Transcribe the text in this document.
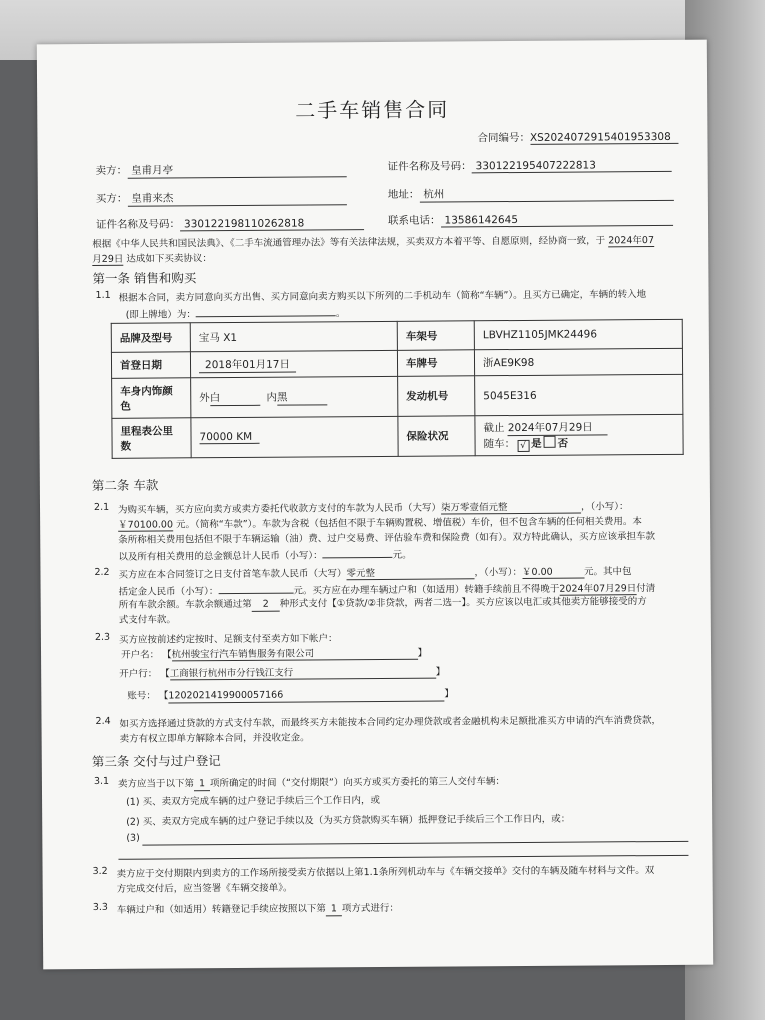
二手车销售合同
合同编号：XS2024072915401953308
卖方： 皇甫月亭	证件名称及号码： 330122195407222813
买方： 皇甫来杰	地址： 杭州
证件名称及号码： 330122198110262818	联系电话： 13586142645
根据《中华人民共和国民法典》、《二手车流通管理办法》等有关法律法规，买卖双方本着平等、自愿原则，经协商一致，于 2024年07
月29日 达成如下买卖协议：
第一条 销售和购买
1.1 根据本合同，卖方同意向买方出售、买方同意向卖方购买以下所列的二手机动车（简称“车辆”）。且买方已确定，车辆的转入地
(即上牌地）为：	。
品牌及型号	宝马 X1	车架号	LBVHZ1105JMK24496
首登日期	2018年01月17日	车牌号	浙AE9K98
车身内饰颜色	外白 内黑	发动机号	5045E316
里程表公里数	70000 KM	保险状况	截止 2024年07月29日
随车： √ 是 否
第二条 车款
2.1 为购买车辆，买方应向卖方或卖方委托代收款方支付的车款为人民币（大写）柒万零壹佰元整	，（小写）：
￥70100.00 元。（简称“车款”）。车款为含税（包括但不限于车辆购置税、增值税）车价，但不包含车辆的任何相关费用。本
条所称相关费用包括但不限于车辆运输（油）费、过户交易费、评估验车费和保险费（如有）。双方特此确认，买方应该承担车款
以及所有相关费用的总金额总计人民币（小写）：	元。
2.2 买方应在本合同签订之日支付首笔车款人民币（大写）零元整	，（小写）：￥0.00	元。其中包
括定金人民币（小写）：	元。买方应在办理车辆过户和（如适用）转籍手续前且不得晚于2024年07月29日付清
所有车款余额。车款余额通过第 2 种形式支付【①贷款/②非贷款，两者二选一】。买方应该以电汇或其他卖方能够接受的方
式支付车款。
2.3 买方应按前述约定按时、足额支付至卖方如下帐户：
开户名： 【杭州骏宝行汽车销售服务有限公司	】
开户行： 【工商银行杭州市分行钱江支行	】
账号： 【1202021419900057166	】
2.4 如买方选择通过贷款的方式支付车款，而最终买方未能按本合同约定办理贷款或者金融机构未足额批准买方申请的汽车消费贷款，
卖方有权立即单方解除本合同，并没收定金。
第三条 交付与过户登记
3.1 卖方应当于以下第 1 项所确定的时间（“交付期限”）向买方或买方委托的第三人交付车辆：
(1) 买、卖双方完成车辆的过户登记手续后三个工作日内，或
(2) 买、卖双方完成车辆的过户登记手续以及（为买方贷款购买车辆）抵押登记手续后三个工作日内，或：
(3)
3.2 卖方应于交付期限内到卖方的工作场所接受卖方依据以上第1.1条所列机动车与《车辆交接单》交付的车辆及随车材料与文件。双
方完成交付后，应当签署《车辆交接单》。
3.3 车辆过户和（如适用）转籍登记手续应按照以下第 1 项方式进行：
